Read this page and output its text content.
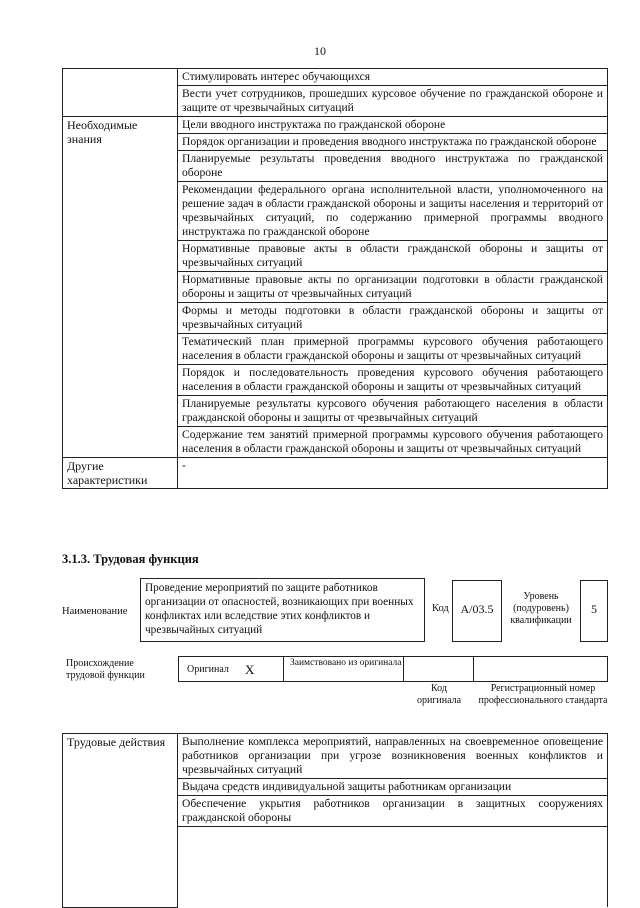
10
	Стимулировать интерес обучающихся
	Вести учет сотрудников, прошедших курсовое обучение по гражданской обороне и защите от чрезвычайных ситуаций
Необходимые знания	Цели вводного инструктажа по гражданской обороне
	Порядок организации и проведения вводного инструктажа по гражданской обороне
	Планируемые результаты проведения вводного инструктажа по гражданской обороне
	Рекомендации федерального органа исполнительной власти, уполномоченного на решение задач в области гражданской обороны и защиты населения и территорий от чрезвычайных ситуаций, по содержанию примерной программы вводного инструктажа по гражданской обороне
	Нормативные правовые акты в области гражданской обороны и защиты от чрезвычайных ситуаций
	Нормативные правовые акты по организации подготовки в области гражданской обороны и защиты от чрезвычайных ситуаций
	Формы и методы подготовки в области гражданской обороны и защиты от чрезвычайных ситуаций
	Тематический план примерной программы курсового обучения работающего населения в области гражданской обороны и защиты от чрезвычайных ситуаций
	Порядок и последовательность проведения курсового обучения работающего населения в области гражданской обороны и защиты от чрезвычайных ситуаций
	Планируемые результаты курсового обучения работающего населения в области гражданской обороны и защиты от чрезвычайных ситуаций
	Содержание тем занятий примерной программы курсового обучения работающего населения в области гражданской обороны и защиты от чрезвычайных ситуаций
Другие характеристики	-
3.1.3. Трудовая функция
Наименование
Проведение мероприятий по защите работников организации от опасностей, возникающих при военных конфликтах или вследствие этих конфликтов и чрезвычайных ситуаций
Код А/03.5
Уровень (подуровень) квалификации
5
Происхождение трудовой функции
Оригинал X	Заимствовано из оригинала
Код оригинала
Регистрационный номер профессионального стандарта
Трудовые действия	Выполнение комплекса мероприятий, направленных на своевременное оповещение работников организации при угрозе возникновения военных конфликтов и чрезвычайных ситуаций
Выдача средств индивидуальной защиты работникам организации
Обеспечение укрытия работников организации в защитных сооружениях гражданской обороны
